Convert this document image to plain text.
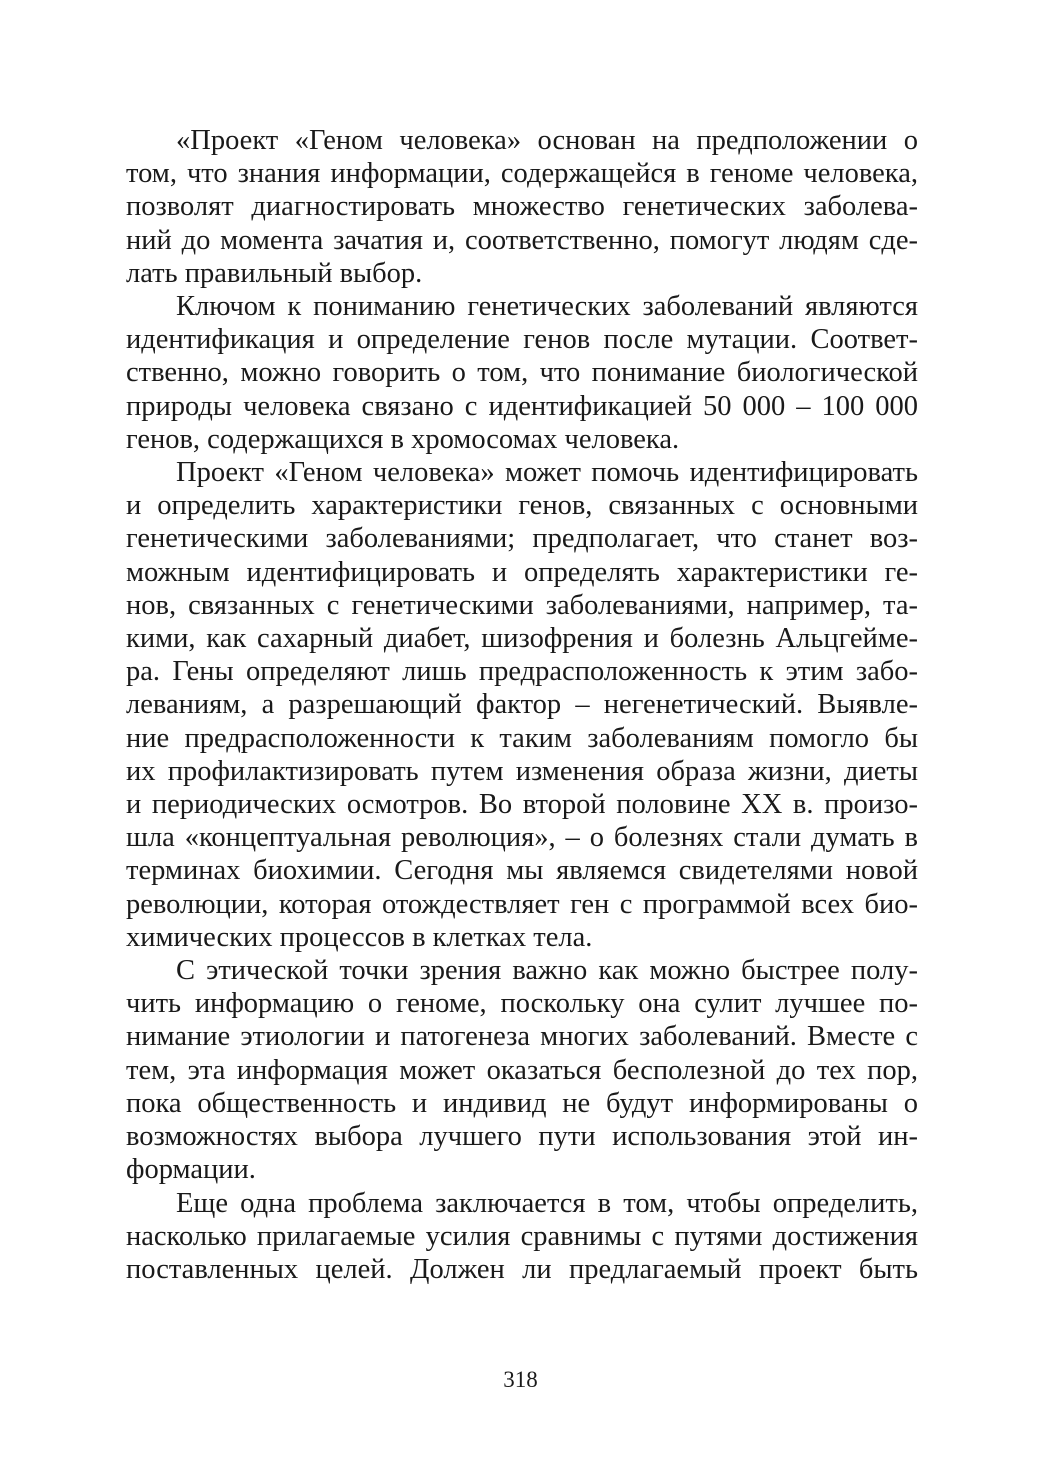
«Проект «Геном человека» основан на предположении о
том, что знания информации, содержащейся в геноме человека,
позволят диагностировать множество генетических заболева-
ний до момента зачатия и, соответственно, помогут людям сде-
лать правильный выбор.
Ключом к пониманию генетических заболеваний являются
идентификация и определение генов после мутации. Соответ-
ственно, можно говорить о том, что понимание биологической
природы человека связано с идентификацией 50 000 – 100 000
генов, содержащихся в хромосомах человека.
Проект «Геном человека» может помочь идентифицировать
и определить характеристики генов, связанных с основными
генетическими заболеваниями; предполагает, что станет воз-
можным идентифицировать и определять характеристики ге-
нов, связанных с генетическими заболеваниями, например, та-
кими, как сахарный диабет, шизофрения и болезнь Альцгейме-
ра. Гены определяют лишь предрасположенность к этим забо-
леваниям, а разрешающий фактор – негенетический. Выявле-
ние предрасположенности к таким заболеваниям помогло бы
их профилактизировать путем изменения образа жизни, диеты
и периодических осмотров. Во второй половине XX в. произо-
шла «концептуальная революция», – о болезнях стали думать в
терминах биохимии. Сегодня мы являемся свидетелями новой
революции, которая отождествляет ген с программой всех био-
химических процессов в клетках тела.
С этической точки зрения важно как можно быстрее полу-
чить информацию о геноме, поскольку она сулит лучшее по-
нимание этиологии и патогенеза многих заболеваний. Вместе с
тем, эта информация может оказаться бесполезной до тех пор,
пока общественность и индивид не будут информированы о
возможностях выбора лучшего пути использования этой ин-
формации.
Еще одна проблема заключается в том, чтобы определить,
насколько прилагаемые усилия сравнимы с путями достижения
поставленных целей. Должен ли предлагаемый проект быть
318
